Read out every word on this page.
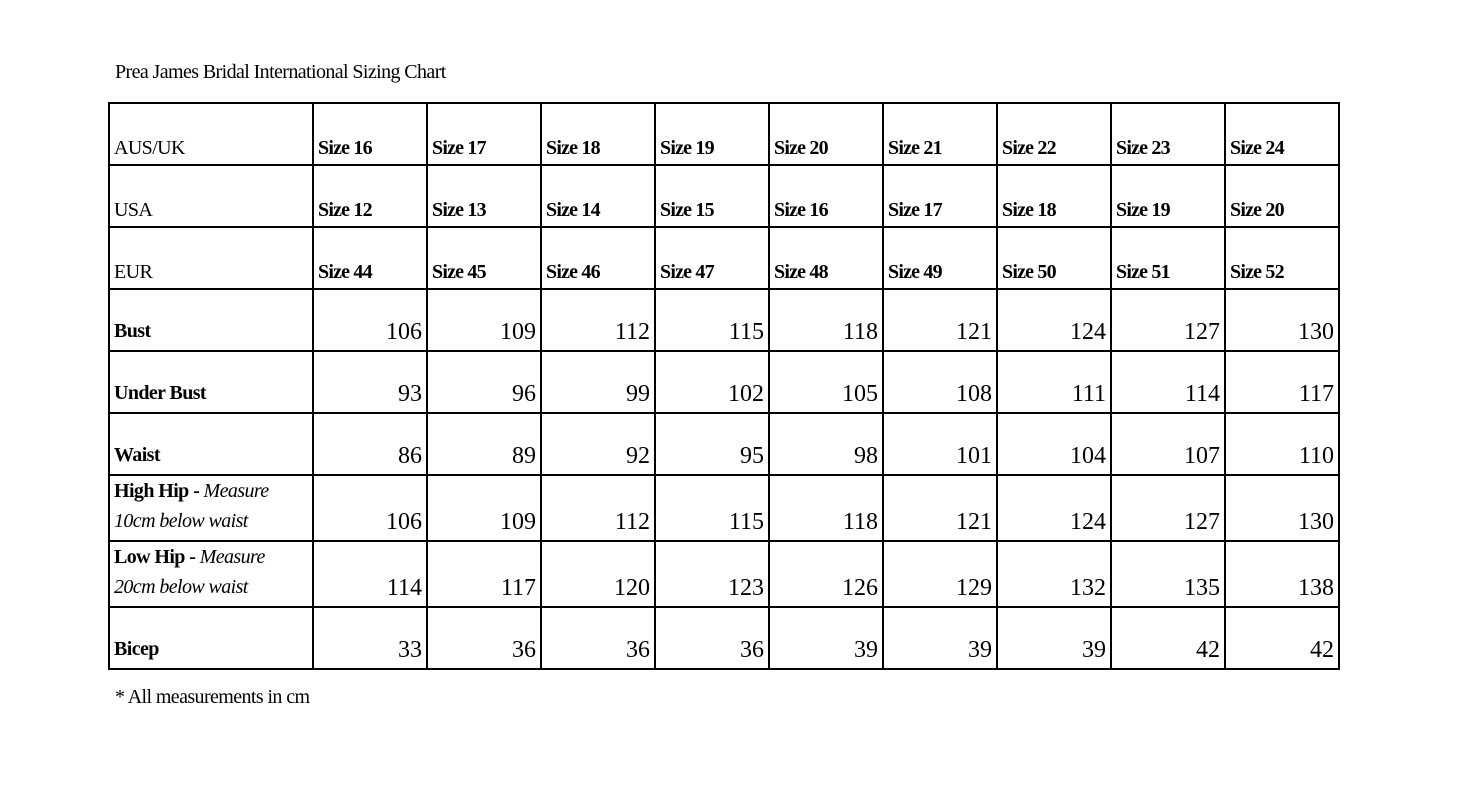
Prea James Bridal International Sizing Chart
AUS/UK	Size 16	Size 17	Size 18	Size 19	Size 20	Size 21	Size 22	Size 23	Size 24
USA	Size 12	Size 13	Size 14	Size 15	Size 16	Size 17	Size 18	Size 19	Size 20
EUR	Size 44	Size 45	Size 46	Size 47	Size 48	Size 49	Size 50	Size 51	Size 52
Bust	106	109	112	115	118	121	124	127	130
Under Bust	93	96	99	102	105	108	111	114	117
Waist	86	89	92	95	98	101	104	107	110
High Hip - Measure
10cm below waist	106	109	112	115	118	121	124	127	130
Low Hip - Measure
20cm below waist	114	117	120	123	126	129	132	135	138
Bicep	33	36	36	36	39	39	39	42	42
* All measurements in cm
